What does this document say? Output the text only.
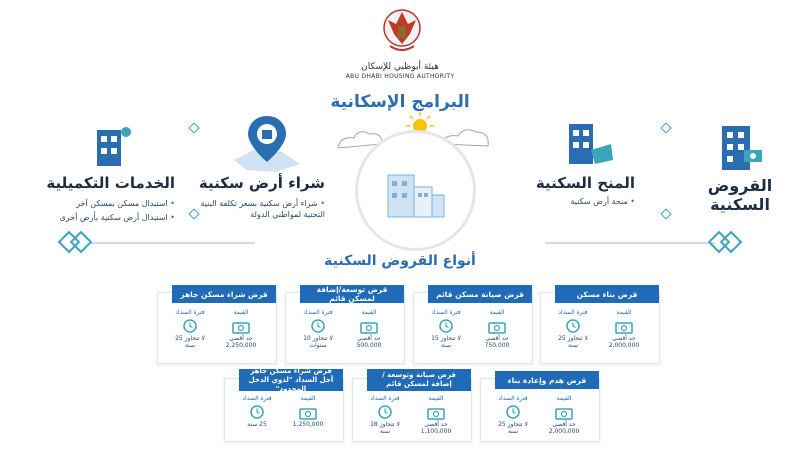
هيئة أبوظبي للإسكان
ABU DHABI HOUSING AUTHORITY
البرامج الإسكانية
القروض السكنية
المنح السكنية
• منحة أرض سكنية
شراء أرض سكنية
• شراء أرض سكنية بسعر تكلفة البنية التحتية لمواطني الدولة
الخدمات التكميلية
• استبدال مسكن بمسكن آخر
• استبدال أرض سكنية بأرض أخرى
أنواع القروض السكنية
قرض بناء مسكن
القيمة
فترة السداد
حد أقصى 2,000,000
لا تتجاوز 25 سنة
قرض صيانة مسكن قائم
القيمة
فترة السداد
حد أقصى 750,000
لا تتجاوز 15 سنة
قرض توسعة/إضافة لمسكن قائم
القيمة
فترة السداد
حد أقصى 500,000
لا تتجاوز 10 سنوات
قرض شراء مسكن جاهز
القيمة
فترة السداد
حد أقصى 2,250,000
لا تتجاوز 25 سنة
قرض هدم وإعادة بناء
القيمة
فترة السداد
حد أقصى 2,000,000
لا تتجاوز 25 سنة
قرض صيانة وتوسعة / إضافة لمسكن قائم
القيمة
فترة السداد
حد أقصى 1,100,000
لا تتجاوز 18 سنة
قرض شراء مسكن جاهز أجل السداد "لذوي الدخل المحدود"
القيمة
فترة السداد
1,250,000
25 سنة
